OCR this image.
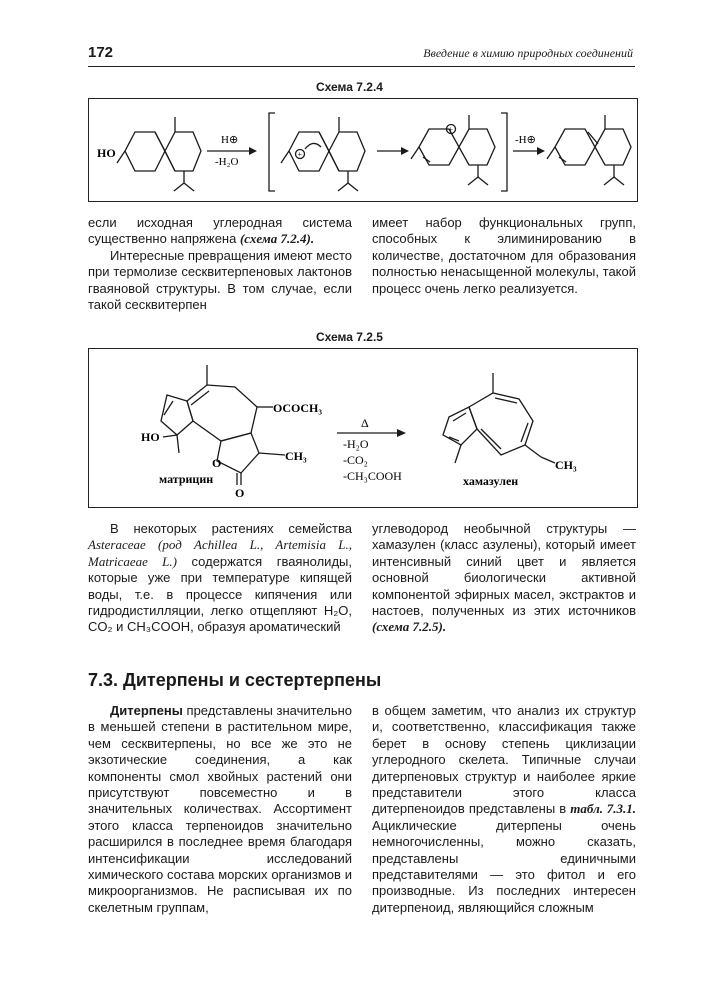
172	Введение в химию природных соединений
Схема 7.2.4
HO
H⊕
-H₂O
+
+
-H⊕

если исходная углеродная система существенно напряжена (схема 7.2.4).

Интересные превращения имеют место при термолизе сесквитерпеновых лактонов гваяновой структуры. В том случае, если такой сесквитерпен

имеет набор функциональных групп, способных к элиминированию в количестве, достаточном для образования полностью ненасыщенной молекулы, такой процесс очень легко реализуется.

Схема 7.2.5
HO
OCOCH₃
CH₃
O
O
матрицин
Δ
-H₂O
-CO₂
-CH₃COOH
CH₃
хамазулен

В некоторых растениях семейства Asteraceae (род Achillea L., Artemisia L., Matricaeae L.) содержатся гваянолиды, которые уже при температуре кипящей воды, т.е. в процессе кипячения или гидродистилляции, легко отщепляют H₂O, CO₂ и CH₃COOH, образуя ароматический

углеводород необычной структуры — хамазулен (класс азулены), который имеет интенсивный синий цвет и является основной биологически активной компонентой эфирных масел, экстрактов и настоев, полученных из этих источников (схема 7.2.5).

7.3. Дитерпены и сестертерпены

Дитерпены представлены значительно в меньшей степени в растительном мире, чем сесквитерпены, но все же это не экзотические соединения, а как компоненты смол хвойных растений они присутствуют повсеместно и в значительных количествах. Ассортимент этого класса терпеноидов значительно расширился в последнее время благодаря интенсификации исследований химического состава морских организмов и микроорганизмов. Не расписывая их по скелетным группам,

в общем заметим, что анализ их структур и, соответственно, классификация также берет в основу степень циклизации углеродного скелета. Типичные случаи дитерпеновых структур и наиболее яркие представители этого класса дитерпеноидов представлены в табл. 7.3.1. Ациклические дитерпены очень немногочисленны, можно сказать, представлены единичными представителями — это фитол и его производные. Из последних интересен дитерпеноид, являющийся сложным
